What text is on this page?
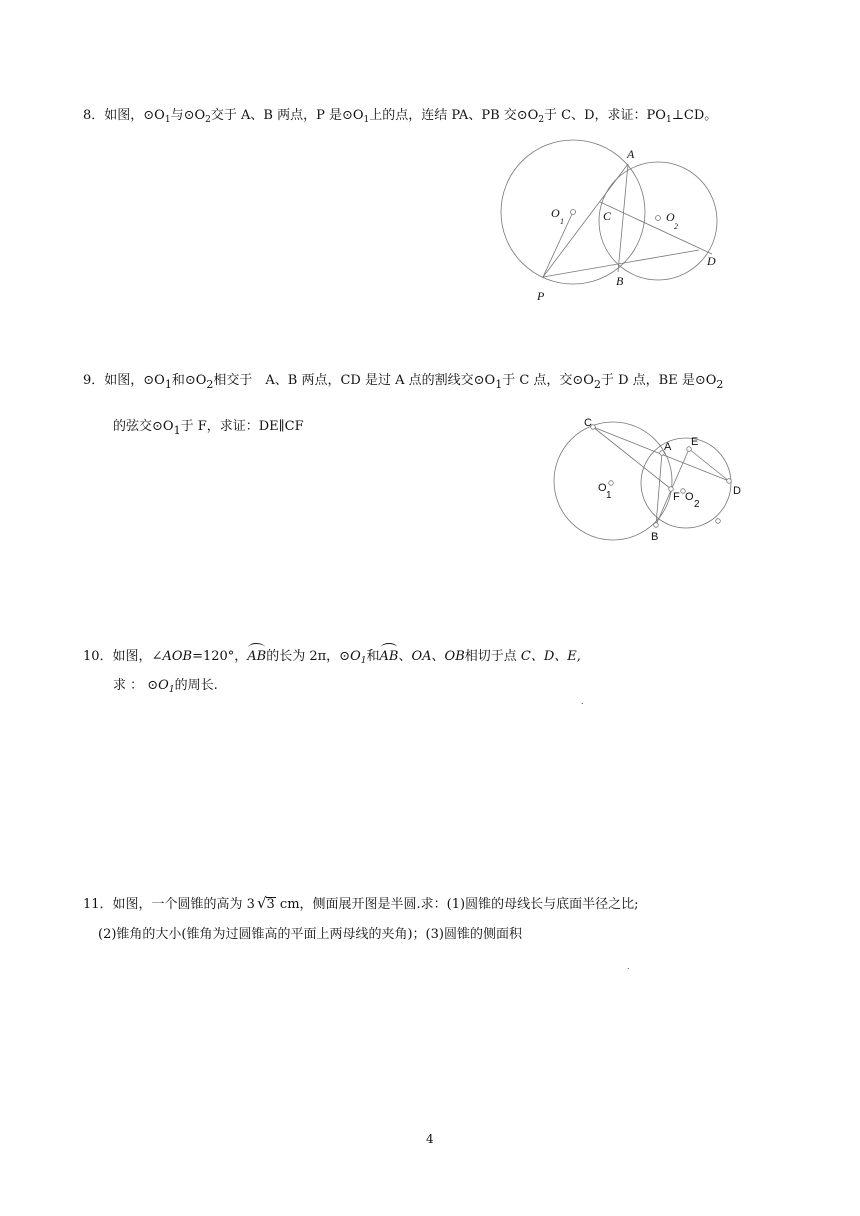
8．如图，$⊙O_1$与$⊙O_2$交于 A、B 两点，P 是$⊙O_1$上的点，连结 PA、PB 交$⊙O_2$于 C、D，求证：$PO_1\perp CD$。
A
C
O
1	O
2
D
B
P
9．如图，$⊙O_1$和$⊙O_2$相交于　A、B 两点，CD 是过 A 点的割线交$⊙O_1$于 C 点，交$⊙O_2$于 D 点，BE 是$⊙O_2$
的弦交$⊙O_1$于 F，求证：DE∥CF	C
A E
O
1	F O
2
D
B
10．如图，∠AOB=120°，AB的长为 2π，$⊙O_1$和AB、OA、OB相切于点 C、D、E,
求 ： $⊙O_1$的周长.
.
11．如图，一个圆锥的高为 3 √3 cm，侧面展开图是半圆.求：(1)圆锥的母线长与底面半径之比;
(2)锥角的大小(锥角为过圆锥高的平面上两母线的夹角)；(3)圆锥的侧面积
.
4
